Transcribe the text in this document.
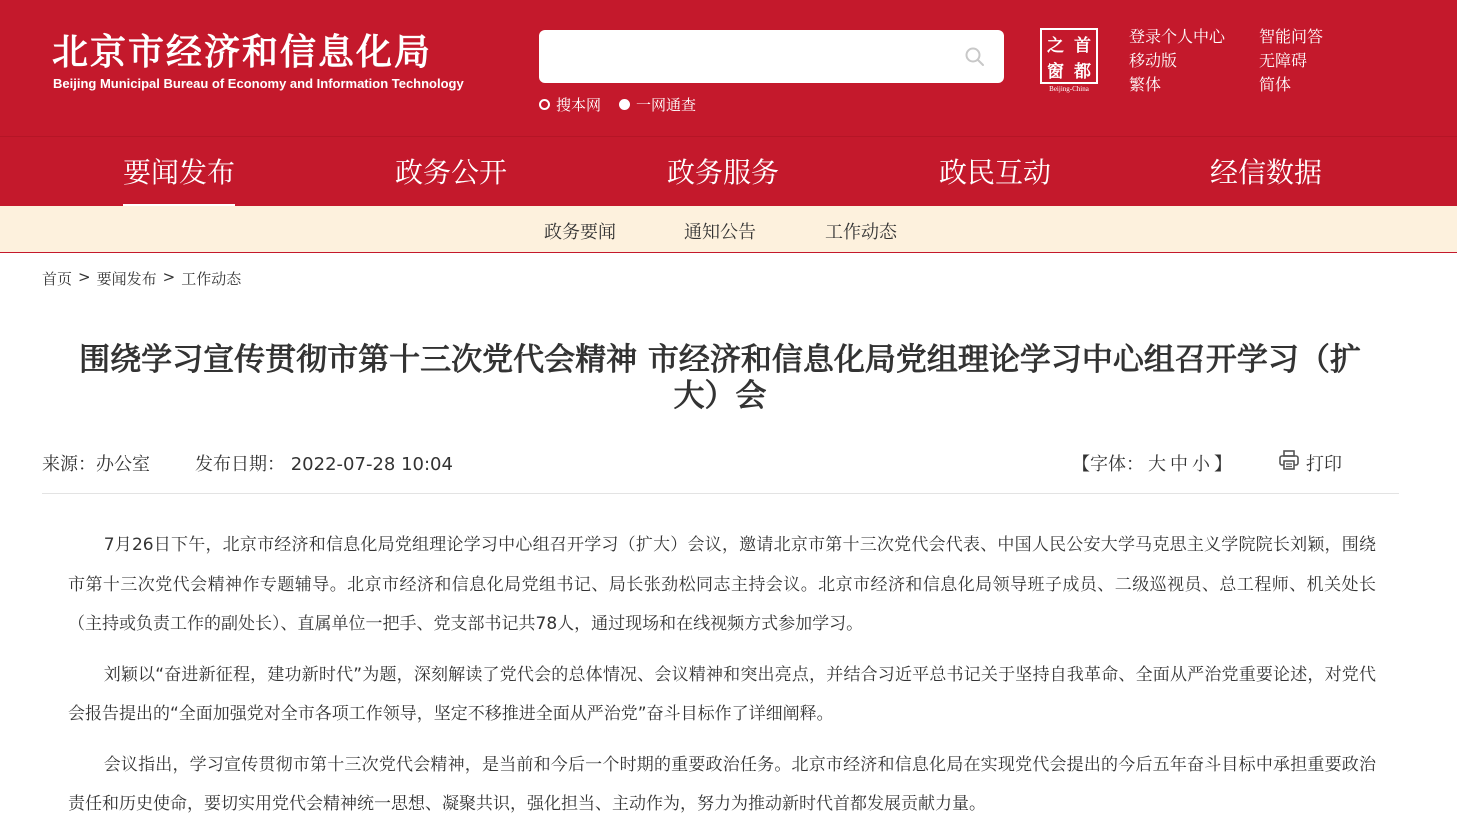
北京市经济和信息化局
Beijing Municipal Bureau of Economy and Information Technology
搜本网 一网通查
之 首
窗 都
Beijing-China
登录个人中心
移动版
繁体
智能问答
无障碍
简体
要闻发布	政务公开	政务服务	政民互动	经信数据
政务要闻	通知公告	工作动态
首页 > 要闻发布 > 工作动态
围绕学习宣传贯彻市第十三次党代会精神 市经济和信息化局党组理论学习中心组召开学习（扩大）会
来源：办公室	发布日期： 2022-07-28 10:04	【字体： 大 中 小 】	打印

7月26日下午，北京市经济和信息化局党组理论学习中心组召开学习（扩大）会议，邀请北京市第十三次党代会代表、中国人民公安大学马克思主义学院院长刘颖，围绕市第十三次党代会精神作专题辅导。北京市经济和信息化局党组书记、局长张劲松同志主持会议。北京市经济和信息化局领导班子成员、二级巡视员、总工程师、机关处长（主持或负责工作的副处长）、直属单位一把手、党支部书记共78人，通过现场和在线视频方式参加学习。

刘颖以“奋进新征程，建功新时代”为题，深刻解读了党代会的总体情况、会议精神和突出亮点，并结合习近平总书记关于坚持自我革命、全面从严治党重要论述，对党代会报告提出的“全面加强党对全市各项工作领导，坚定不移推进全面从严治党”奋斗目标作了详细阐释。

会议指出，学习宣传贯彻市第十三次党代会精神，是当前和今后一个时期的重要政治任务。北京市经济和信息化局在实现党代会提出的今后五年奋斗目标中承担重要政治责任和历史使命，要切实用党代会精神统一思想、凝聚共识，强化担当、主动作为，努力为推动新时代首都发展贡献力量。
